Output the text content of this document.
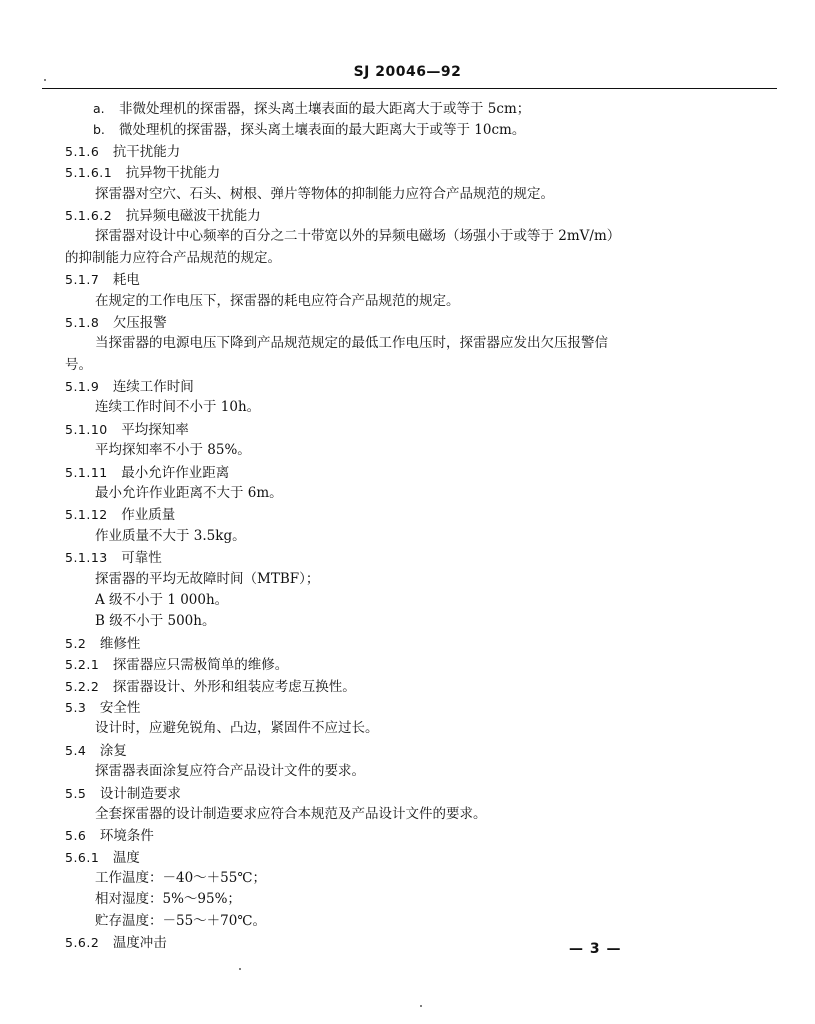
SJ 20046—92
a. 非微处理机的探雷器，探头离土壤表面的最大距离大于或等于 5cm；
b. 微处理机的探雷器，探头离土壤表面的最大距离大于或等于 10cm。
5.1.6　 抗干扰能力
5.1.6.1　 抗异物干扰能力
探雷器对空穴、石头、树根、弹片等物体的抑制能力应符合产品规范的规定。
5.1.6.2　 抗异频电磁波干扰能力
探雷器对设计中心频率的百分之二十带宽以外的异频电磁场（场强小于或等于 2mV/m）
的抑制能力应符合产品规范的规定。
5.1.7　 耗电
在规定的工作电压下，探雷器的耗电应符合产品规范的规定。
5.1.8　 欠压报警
当探雷器的电源电压下降到产品规范规定的最低工作电压时，探雷器应发出欠压报警信
号。
5.1.9　 连续工作时间
连续工作时间不小于 10h。
5.1.10　 平均探知率
平均探知率不小于 85%。
5.1.11　 最小允许作业距离
最小允许作业距离不大于 6m。
5.1.12　 作业质量
作业质量不大于 3.5kg。
5.1.13　 可靠性
探雷器的平均无故障时间（MTBF）；
A 级不小于 1 000h。
B 级不小于 500h。
5.2　 维修性
5.2.1　 探雷器应只需极简单的维修。
5.2.2　 探雷器设计、外形和组装应考虑互换性。
5.3　 安全性
设计时，应避免锐角、凸边，紧固件不应过长。
5.4　 涂复
探雷器表面涂复应符合产品设计文件的要求。
5.5　 设计制造要求
全套探雷器的设计制造要求应符合本规范及产品设计文件的要求。
5.6　 环境条件
5.6.1　 温度
工作温度：－40～＋55℃；
相对湿度：5%～95%；
贮存温度：－55～＋70℃。
5.6.2　 温度冲击	— 3 —
